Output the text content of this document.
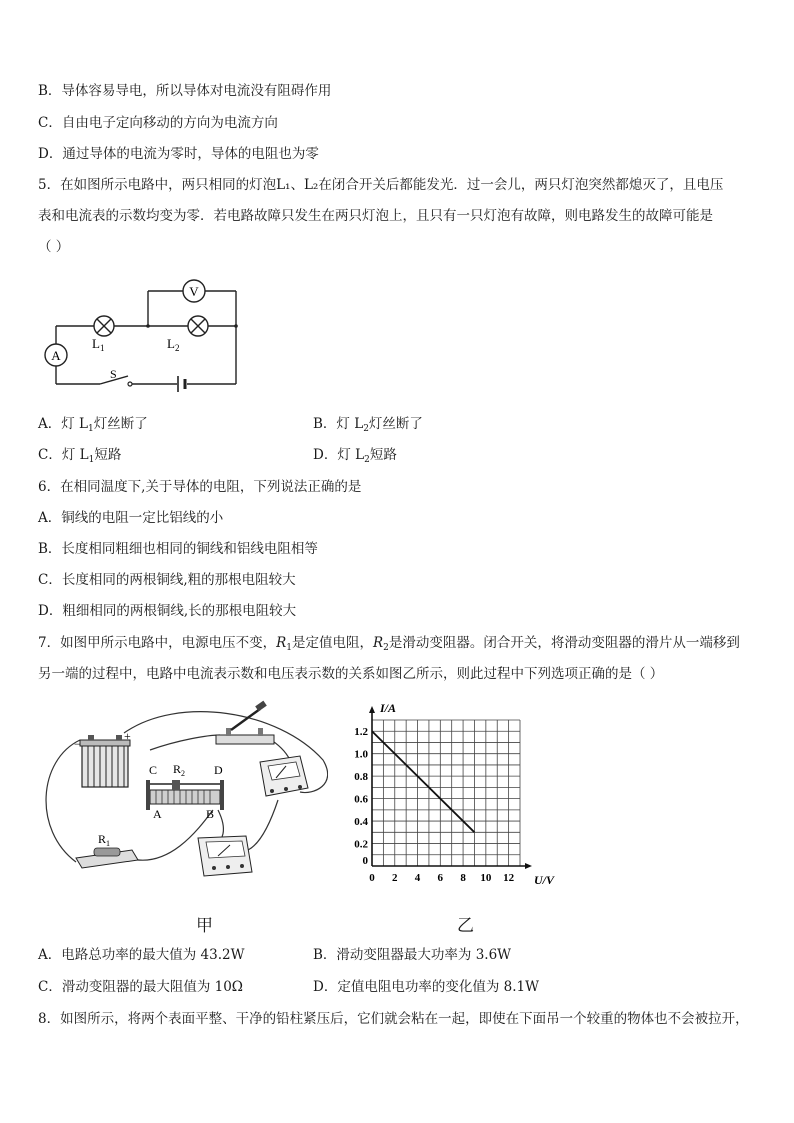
B．导体容易导电，所以导体对电流没有阻碍作用
C．自由电子定向移动的方向为电流方向
D．通过导体的电流为零时，导体的电阻也为零
5．在如图所示电路中，两只相同的灯泡L₁、L₂在闭合开关后都能发光．过一会儿，两只灯泡突然都熄灭了，且电压
表和电流表的示数均变为零．若电路故障只发生在两只灯泡上，且只有一只灯泡有故障，则电路发生的故障可能是
（ ）
V
A
S
$L_1$	$L_2$
A．灯 $L_1$灯丝断了	B．灯 $L_2$灯丝断了
C．灯 $L_1$短路	D．灯 $L_2$短路
6．在相同温度下,关于导体的电阻，下列说法正确的是
A．铜线的电阻一定比铝线的小
B．长度相同粗细也相同的铜线和铝线电阻相等
C．长度相同的两根铜线,粗的那根电阻较大
D．粗细相同的两根铜线,长的那根电阻较大
7．如图甲所示电路中，电源电压不变，$R_1$是定值电阻，$R_2$是滑动变阻器。闭合开关，将滑动变阻器的滑片从一端移到
另一端的过程中，电路中电流表示数和电压表示数的关系如图乙所示，则此过程中下列选项正确的是（ ）
−
+
C $R_2$ D
A	B
$R_1$
0 2 4 6 8 10 12
0.2
0.4
0.6
0.8
1.0
1.2
0
I/A
U/V
甲	乙
A．电路总功率的最大值为 43.2W	B．滑动变阻器最大功率为 3.6W
C．滑动变阻器的最大阻值为 10Ω	D．定值电阻电功率的变化值为 8.1W
8．如图所示，将两个表面平整、干净的铅柱紧压后，它们就会粘在一起，即使在下面吊一个较重的物体也不会被拉开，
